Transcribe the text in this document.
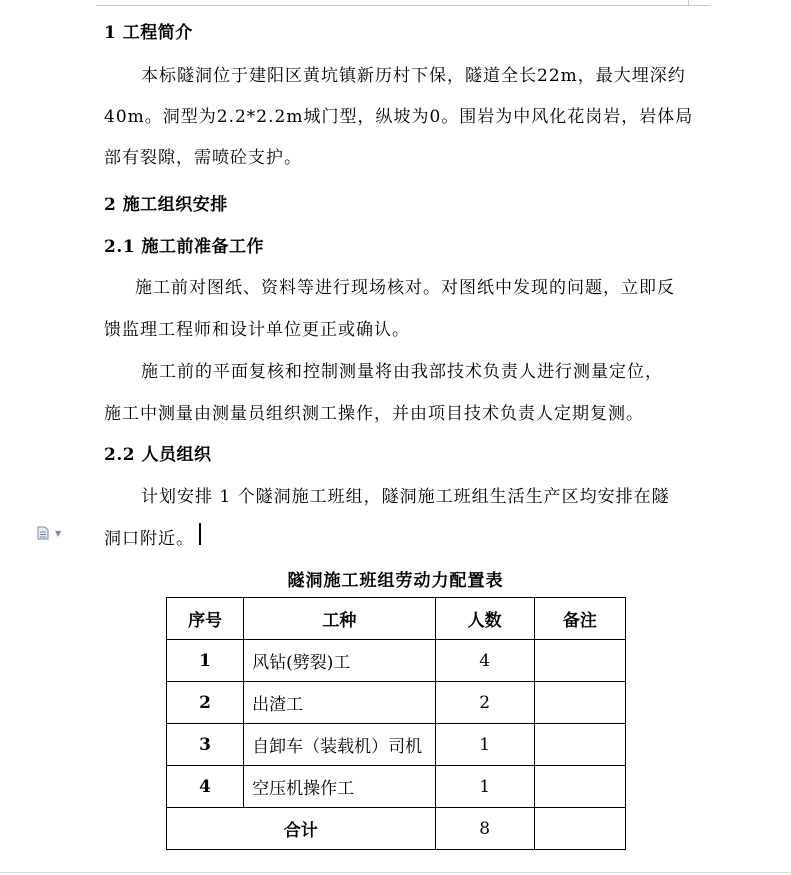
1 工程简介
本标隧洞位于建阳区黄坑镇新历村下保，隧道全长22m，最大埋深约
40m。洞型为2.2*2.2m城门型，纵坡为0。围岩为中风化花岗岩，岩体局
部有裂隙，需喷砼支护。
2 施工组织安排
2.1 施工前准备工作
施工前对图纸、资料等进行现场核对。对图纸中发现的问题，立即反
馈监理工程师和设计单位更正或确认。
施工前的平面复核和控制测量将由我部技术负责人进行测量定位，
施工中测量由测量员组织测工操作，并由项目技术负责人定期复测。
2.2 人员组织
计划安排 1 个隧洞施工班组，隧洞施工班组生活生产区均安排在隧
洞口附近。
▼
隧洞施工班组劳动力配置表
序号	工种	人数	备注
1	风钻(劈裂)工	4	
2	出渣工	2	
3	自卸车（装载机）司机	1	
4	空压机操作工	1	
合计		8	
